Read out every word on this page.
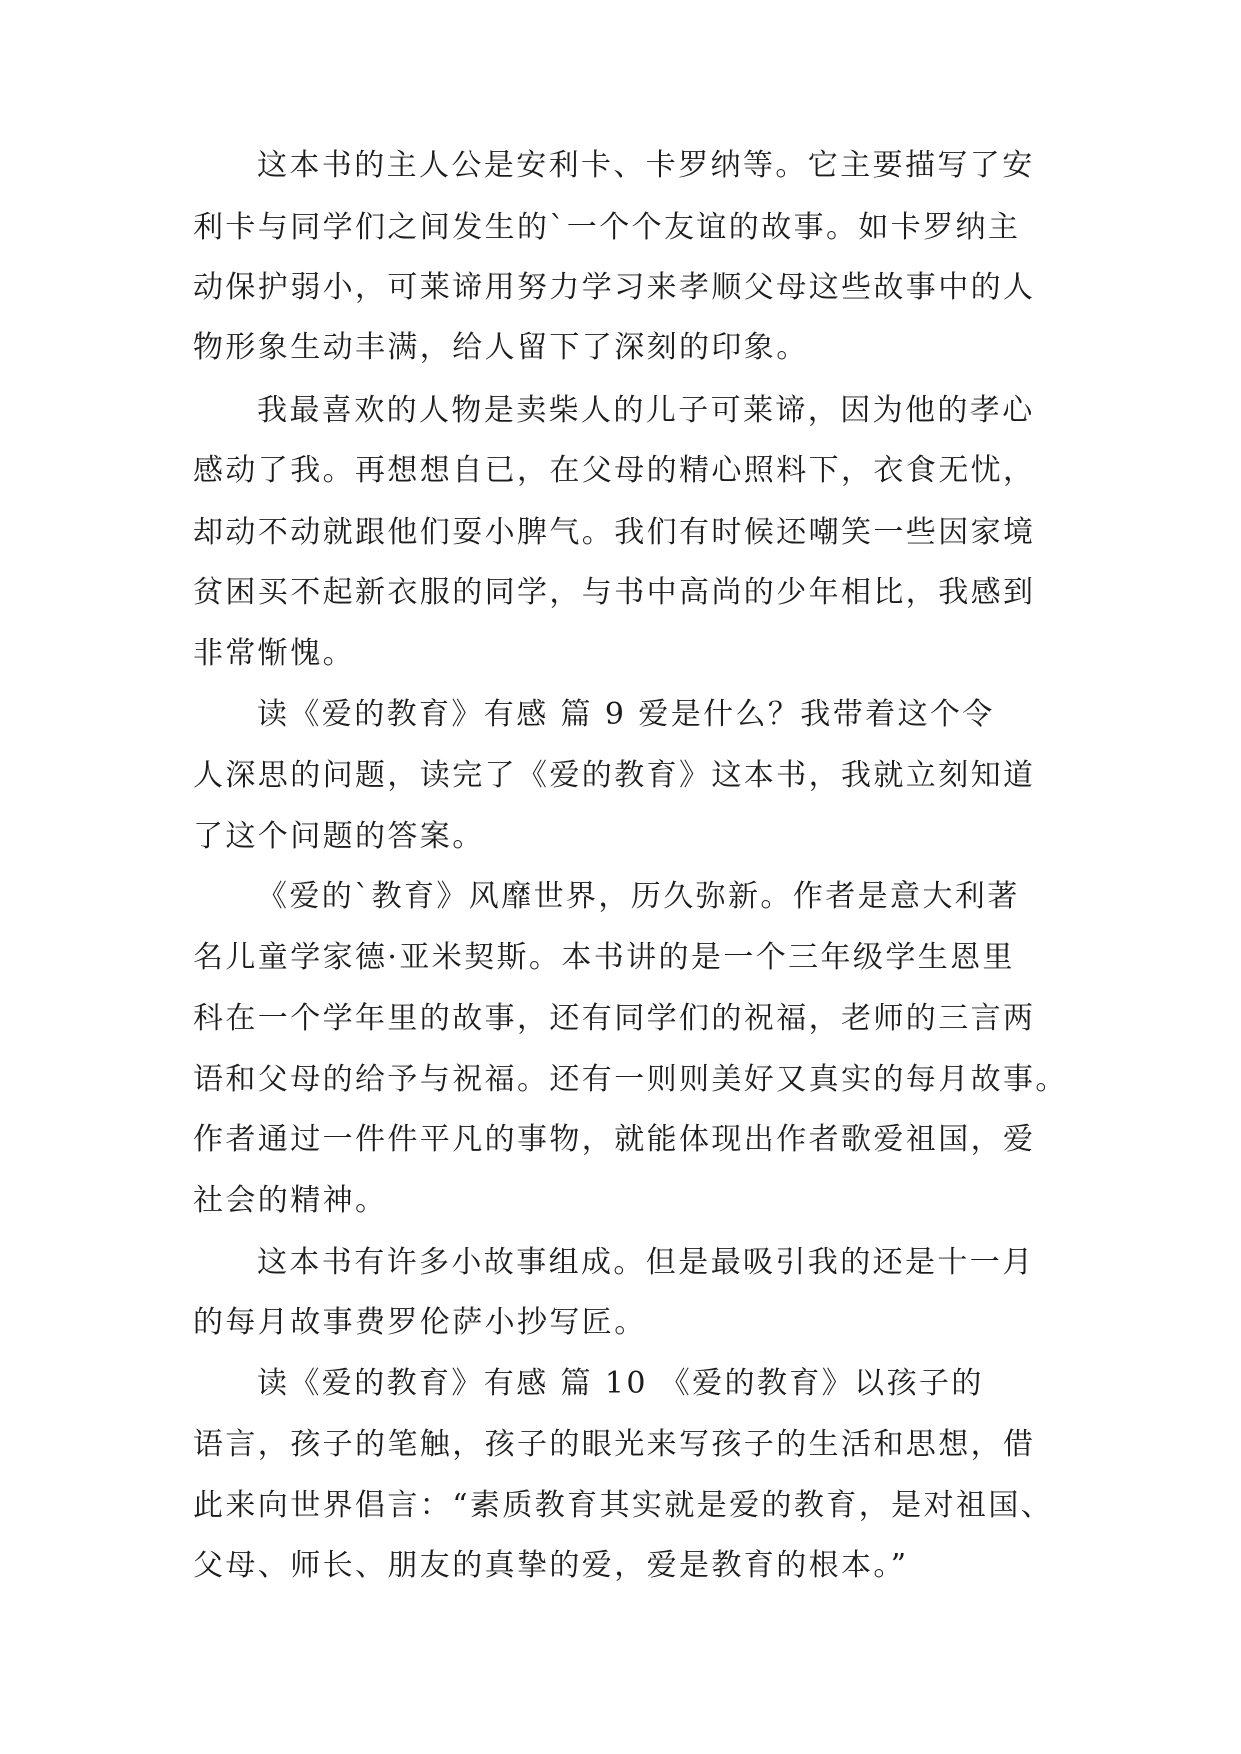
这本书的主人公是安利卡、卡罗纳等。它主要描写了安
利卡与同学们之间发生的`一个个友谊的故事。如卡罗纳主
动保护弱小，可莱谛用努力学习来孝顺父母这些故事中的人
物形象生动丰满，给人留下了深刻的印象。
我最喜欢的人物是卖柴人的儿子可莱谛，因为他的孝心
感动了我。再想想自已，在父母的精心照料下，衣食无忧，
却动不动就跟他们耍小脾气。我们有时候还嘲笑一些因家境
贫困买不起新衣服的同学，与书中高尚的少年相比，我感到
非常惭愧。
读《爱的教育》有感 篇 9 爱是什么？我带着这个令
人深思的问题，读完了《爱的教育》这本书，我就立刻知道
了这个问题的答案。
《爱的`教育》风靡世界，历久弥新。作者是意大利著
名儿童学家德·亚米契斯。本书讲的是一个三年级学生恩里
科在一个学年里的故事，还有同学们的祝福，老师的三言两
语和父母的给予与祝福。还有一则则美好又真实的每月故事。
作者通过一件件平凡的事物，就能体现出作者歌爱祖国，爱
社会的精神。
这本书有许多小故事组成。但是最吸引我的还是十一月
的每月故事费罗伦萨小抄写匠。
读《爱的教育》有感 篇 10 《爱的教育》以孩子的
语言，孩子的笔触，孩子的眼光来写孩子的生活和思想，借
此来向世界倡言：“素质教育其实就是爱的教育，是对祖国、
父母、师长、朋友的真挚的爱，爱是教育的根本。”
